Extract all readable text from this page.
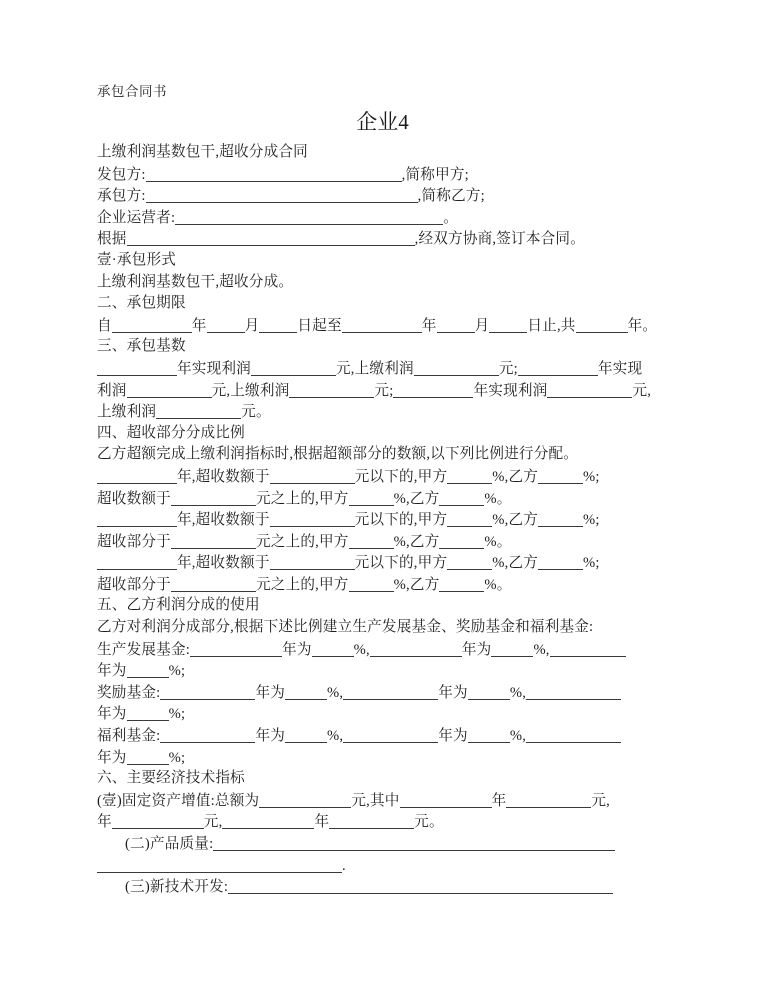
承包合同书
企业4
上缴利润基数包干,超收分成合同
发包方:	,简称甲方;
承包方:	,简称乙方;
企业运营者:	。
根据	,经双方协商,签订本合同。
壹·承包形式
上缴利润基数包干,超收分成。
二、承包期限
自	年	月	日起至	年	月	日止,共	年。
三、承包基数
年实现利润	元,上缴利润	元;	年实现
利润	元,上缴利润	元;	年实现利润	元,
上缴利润	元。
四、超收部分分成比例
乙方超额完成上缴利润指标时,根据超额部分的数额,以下列比例进行分配。
年,超收数额于	元以下的,甲方	%,乙方	%;
超收数额于	元之上的,甲方	%,乙方	%。
年,超收数额于	元以下的,甲方	%,乙方	%;
超收部分于	元之上的,甲方	%,乙方	%。
年,超收数额于	元以下的,甲方	%,乙方	%;
超收部分于	元之上的,甲方	%,乙方	%。
五、乙方利润分成的使用
乙方对利润分成部分,根据下述比例建立生产发展基金、奖励基金和福利基金:
生产发展基金:	年为	%,	年为	%,
年为	%;
奖励基金:	年为	%,	年为	%,
年为	%;
福利基金:	年为	%,	年为	%,
年为	%;
六、主要经济技术指标
(壹)固定资产增值:总额为	元,其中	年	元,
年	元,	年	元。
(二)产品质量:
.
(三)新技术开发:
